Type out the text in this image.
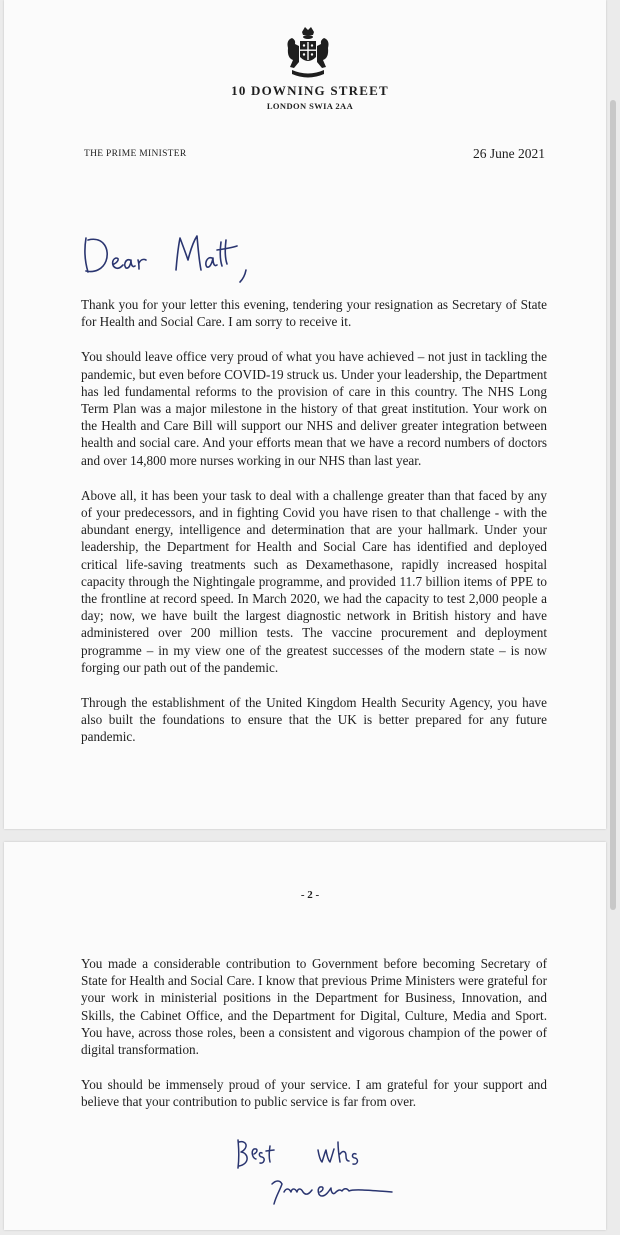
10 DOWNING STREET
LONDON SWIA 2AA
THE PRIME MINISTER	26 June 2021

Thank you for your letter this evening, tendering your resignation as Secretary of State for Health and Social Care. I am sorry to receive it.

You should leave office very proud of what you have achieved – not just in tackling the pandemic, but even before COVID-19 struck us. Under your leadership, the Department has led fundamental reforms to the provision of care in this country. The NHS Long Term Plan was a major milestone in the history of that great institution. Your work on the Health and Care Bill will support our NHS and deliver greater integration between health and social care. And your efforts mean that we have a record numbers of doctors and over 14,800 more nurses working in our NHS than last year.

Above all, it has been your task to deal with a challenge greater than that faced by any of your predecessors, and in fighting Covid you have risen to that challenge - with the abundant energy, intelligence and determination that are your hallmark. Under your leadership, the Department for Health and Social Care has identified and deployed critical life-saving treatments such as Dexamethasone, rapidly increased hospital capacity through the Nightingale programme, and provided 11.7 billion items of PPE to the frontline at record speed. In March 2020, we had the capacity to test 2,000 people a day; now, we have built the largest diagnostic network in British history and have administered over 200 million tests. The vaccine procurement and deployment programme – in my view one of the greatest successes of the modern state – is now forging our path out of the pandemic.

Through the establishment of the United Kingdom Health Security Agency, you have also built the foundations to ensure that the UK is better prepared for any future pandemic.

- 2 -

You made a considerable contribution to Government before becoming Secretary of State for Health and Social Care. I know that previous Prime Ministers were grateful for your work in ministerial positions in the Department for Business, Innovation, and Skills, the Cabinet Office, and the Department for Digital, Culture, Media and Sport. You have, across those roles, been a consistent and vigorous champion of the power of digital transformation.

You should be immensely proud of your service. I am grateful for your support and believe that your contribution to public service is far from over.
